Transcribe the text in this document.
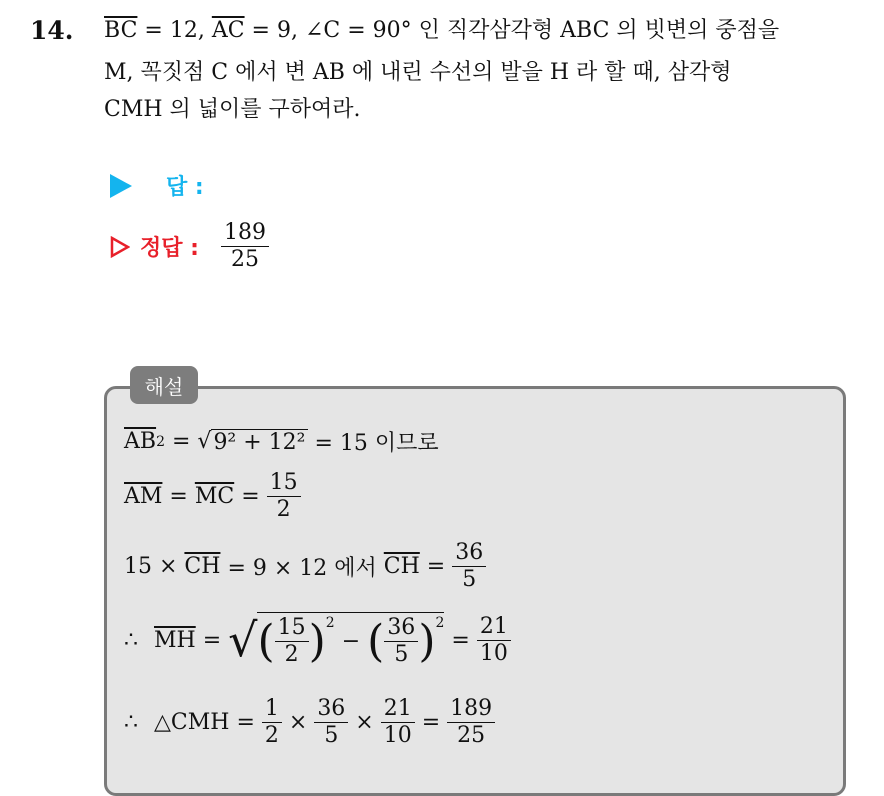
14. $\overline{BC} = 12$, $\overline{AC} = 9$, ∠C = 90° 인 직각삼각형 ABC 의 빗변의 중점을
M, 꼭짓점 C 에서 변 AB 에 내린 수선의 발을 H 라 할 때, 삼각형
CMH 의 넓이를 구하여라.
답 :
정답 : $\frac{189}{25}$
해설
$\overline{AB}$ 2 = √ 9² + 12² = 15 이므로
$\overline{AM} = \overline{MC} = \frac{15}{2}$
$15 \times \overline{CH} = 9 \times 12$ 에서 $\overline{CH} = \frac{36}{5}$
∴ $\overline{MH}$ = √ ( $\frac{15}{2}$ ) 2
− ( $\frac{36}{5}$ ) 2
= $\frac{21}{10}$
∴ △CMH = $\frac{1}{2} \times \frac{36}{5} \times \frac{21}{10} = \frac{189}{25}$
